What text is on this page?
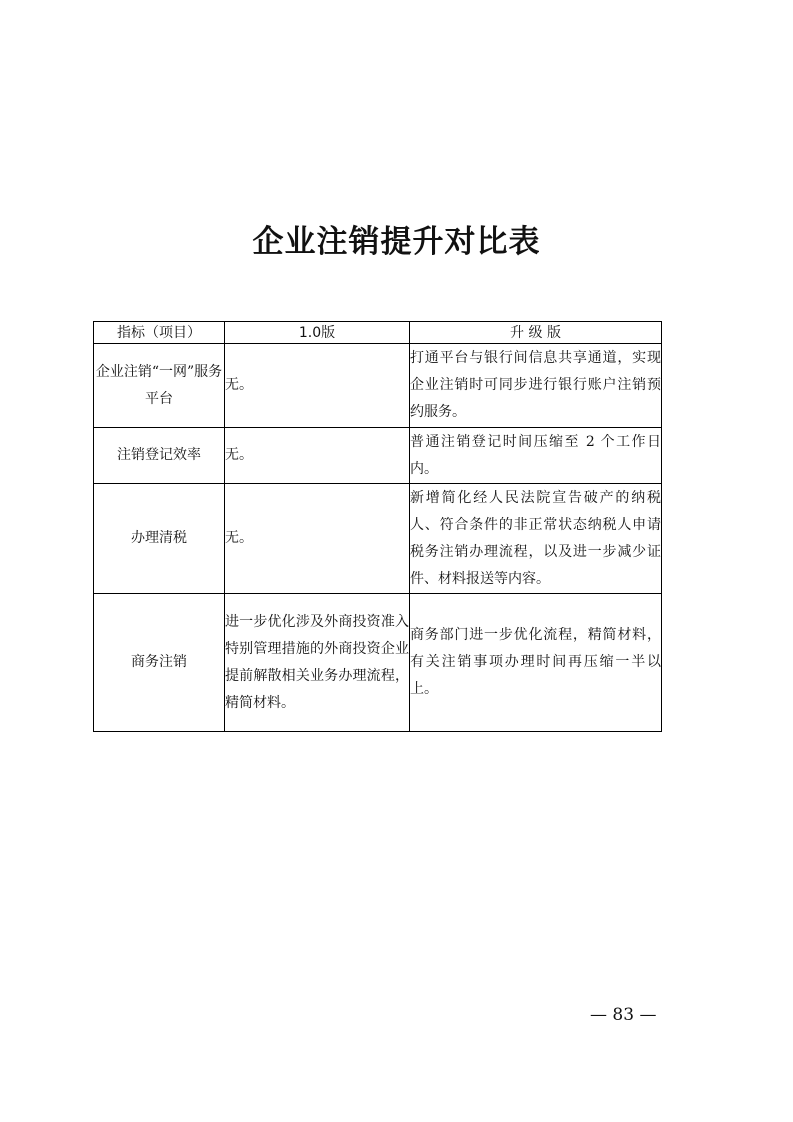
企业注销提升对比表
指标（项目）	1.0版	升 级 版
企业注销“一网”服务平台	无。	打通平台与银行间信息共享通道，实现企业注销时可同步进行银行账户注销预约服务。
注销登记效率	无。	普通注销登记时间压缩至 2 个工作日内。
办理清税	无。	新增简化经人民法院宣告破产的纳税人、符合条件的非正常状态纳税人申请税务注销办理流程，以及进一步减少证件、材料报送等内容。
商务注销	进一步优化涉及外商投资准入特别管理措施的外商投资企业提前解散相关业务办理流程，精简材料。	商务部门进一步优化流程，精简材料，有关注销事项办理时间再压缩一半以上。
— 83 —
